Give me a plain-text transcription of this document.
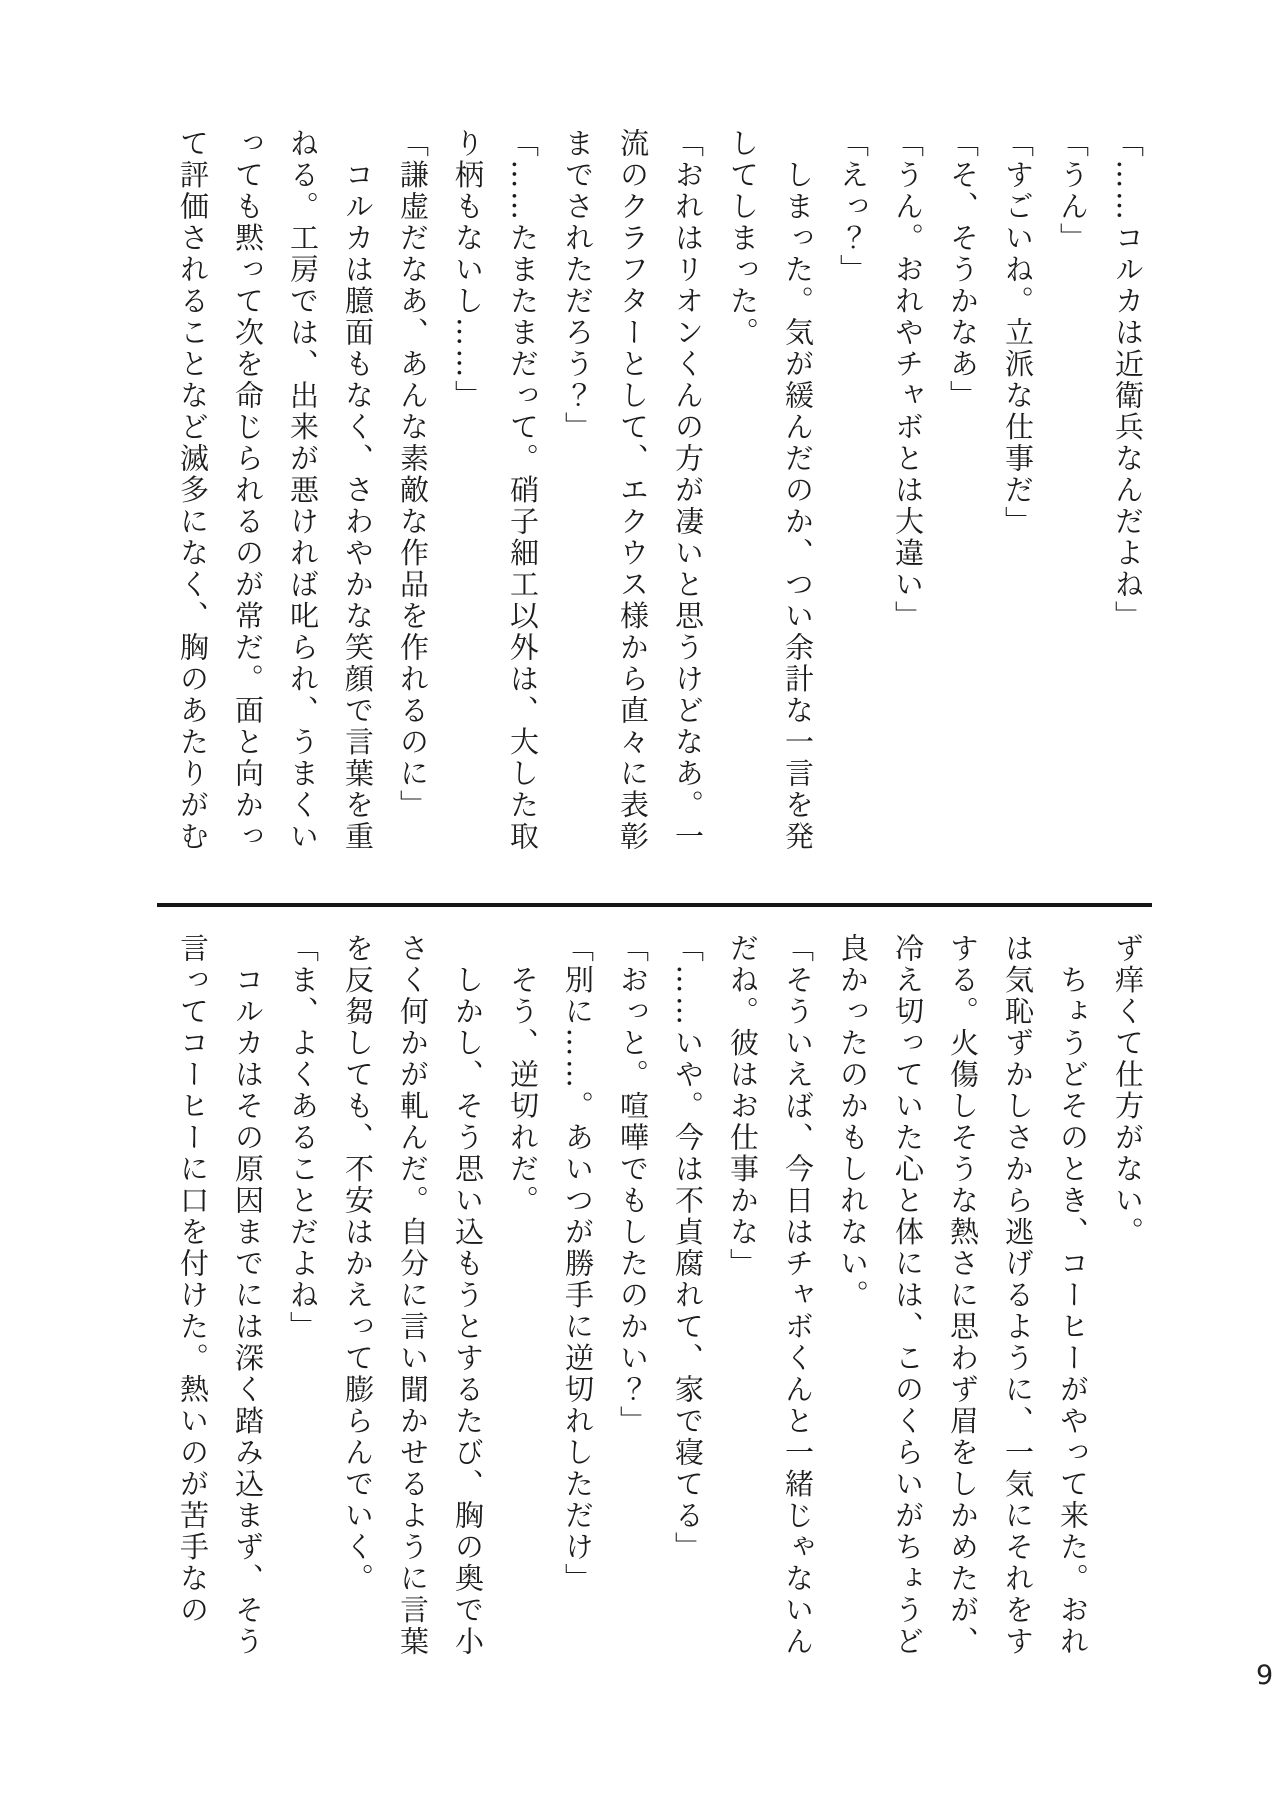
「……コルカは近衛兵なんだよね」

「うん」

「すごいね。立派な仕事だ」

「そ、そうかなあ」

「うん。おれやチャボとは大違い」

「えっ？」

　しまった。気が緩んだのか、つい余計な一言を発

してしまった。

「おれはリオンくんの方が凄いと思うけどなあ。一

流のクラフターとして、エクウス様から直々に表彰

までされただろう？」

「……たまたまだって。硝子細工以外は、大した取

り柄もないし……」

「謙虚だなあ、あんな素敵な作品を作れるのに」

　コルカは臆面もなく、さわやかな笑顔で言葉を重

ねる。工房では、出来が悪ければ叱られ、うまくい

っても黙って次を命じられるのが常だ。面と向かっ

て評価されることなど滅多になく、胸のあたりがむ

ず痒くて仕方がない。

　ちょうどそのとき、コーヒーがやって来た。おれ

は気恥ずかしさから逃げるように、一気にそれをす

する。火傷しそうな熱さに思わず眉をしかめたが、

冷え切っていた心と体には、このくらいがちょうど

良かったのかもしれない。

「そういえば、今日はチャボくんと一緒じゃないん

だね。彼はお仕事かな」

「……いや。今は不貞腐れて、家で寝てる」

「おっと。喧嘩でもしたのかい？」

「別に……。あいつが勝手に逆切れしただけ」

　そう、逆切れだ。

　しかし、そう思い込もうとするたび、胸の奥で小

さく何かが軋んだ。自分に言い聞かせるように言葉

を反芻しても、不安はかえって膨らんでいく。

「ま、よくあることだよね」

　コルカはその原因までには深く踏み込まず、そう

言ってコーヒーに口を付けた。熱いのが苦手なの

9
